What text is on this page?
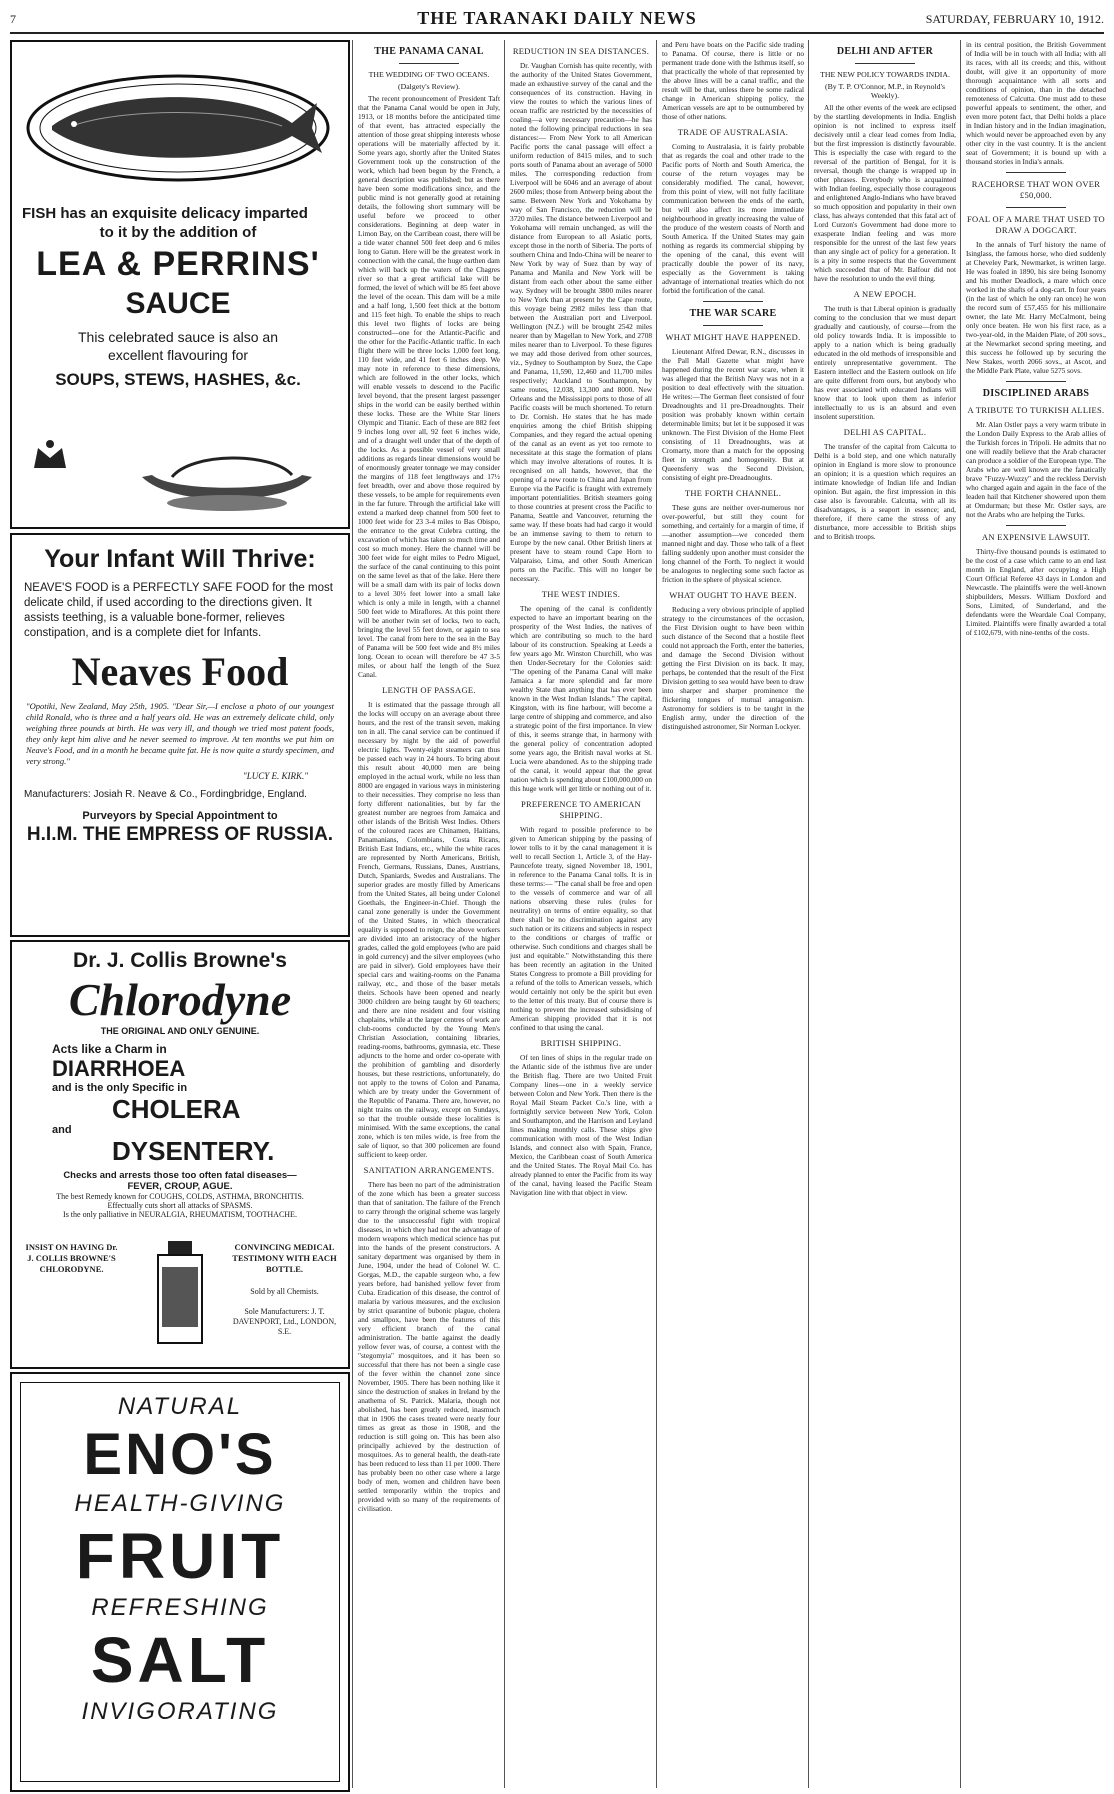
7	THE TARANAKI DAILY NEWS	SATURDAY, FEBRUARY 10, 1912.
FISH has an exquisite delicacy imparted
to it by the addition of
LEA & PERRINS'
SAUCE
This celebrated sauce is also an
excellent flavouring for
SOUPS, STEWS, HASHES, &c.
Your Infant Will Thrive:
NEAVE'S FOOD is a PERFECTLY SAFE FOOD for the most delicate child, if used according to the directions given. It assists teething, is a valuable bone-former, relieves constipation, and is a complete diet for Infants.
Neaves Food
"Opotiki, New Zealand, May 25th, 1905. "Dear Sir,—I enclose a photo of our youngest child Ronald, who is three and a half years old. He was an extremely delicate child, only weighing three pounds at birth. He was very ill, and though we tried most patent foods, they only kept him alive and he never seemed to improve. At ten months we put him on Neave's Food, and in a month he became quite fat. He is now quite a sturdy specimen, and very strong."
"LUCY E. KIRK."
Manufacturers: Josiah R. Neave & Co., Fordingbridge, England.
Purveyors by Special Appointment to
H.I.M. THE EMPRESS OF RUSSIA.
Dr. J. Collis Browne's
Chlorodyne
THE ORIGINAL AND ONLY GENUINE.
Acts like a Charm in
DIARRHOEA
and is the only Specific in
CHOLERA
and
DYSENTERY.
Checks and arrests those too often fatal diseases—
FEVER, CROUP, AGUE.
The best Remedy known for COUGHS, COLDS, ASTHMA, BRONCHITIS.
Effectually cuts short all attacks of SPASMS.
Is the only palliative in NEURALGIA, RHEUMATISM, TOOTHACHE.
INSIST ON HAVING Dr. J. COLLIS BROWNE'S CHLORODYNE.
CONVINCING MEDICAL TESTIMONY WITH EACH BOTTLE.
Sold by all Chemists.
Sole Manufacturers: J. T. DAVENPORT, Ltd., LONDON, S.E.
NATURAL
ENO'S
HEALTH-GIVING
FRUIT
REFRESHING
SALT
INVIGORATING
THE PANAMA CANAL
THE WEDDING OF TWO OCEANS.
(Dalgety's Review).

The recent pronouncement of President Taft that the Panama Canal would be open in July, 1913, or 18 months before the anticipated time of that event, has attracted especially the attention of those great shipping interests whose operations will be materially affected by it. Some years ago, shortly after the United States Government took up the construction of the work, which had been begun by the French, a general description was published; but as there have been some modifications since, and the public mind is not generally good at retaining details, the following short summary will be useful before we proceed to other considerations. Beginning at deep water in Limon Bay, on the Carribean coast, there will be a tide water channel 500 feet deep and 6 miles long to Gatun. Here will be the greatest work in connection with the canal, the huge earthen dam which will back up the waters of the Chagres river so that a great artificial lake will be formed, the level of which will be 85 feet above the level of the ocean. This dam will be a mile and a half long, 1,500 feet thick at the bottom and 115 feet high. To enable the ships to reach this level two flights of locks are being constructed—one for the Atlantic-Pacific and the other for the Pacific-Atlantic traffic. In each flight there will be three locks 1,000 feet long, 110 feet wide, and 41 feet 6 inches deep. We may note in reference to these dimensions, which are followed in the other locks, which will enable vessels to descend to the Pacific level beyond, that the present largest passenger ships in the world can be easily berthed within these locks. These are the White Star liners Olympic and Titanic. Each of these are 882 feet 9 inches long over all, 92 feet 6 inches wide, and of a draught well under that of the depth of the locks. As a possible vessel of very small additions as regards linear dimensions would be of enormously greater tonnage we may consider the margins of 118 feet lengthways and 17½ feet breadth, over and above those required by these vessels, to be ample for requirements even in the far future. Through the artificial lake will extend a marked deep channel from 500 feet to 1000 feet wide for 23 3-4 miles to Bas Obispo, the entrance to the great Culebra cutting, the excavation of which has taken so much time and cost so much money. Here the channel will be 300 feet wide for eight miles to Pedro Miguel, the surface of the canal continuing to this point on the same level as that of the lake. Here there will be a small dam with its pair of locks down to a level 30½ feet lower into a small lake which is only a mile in length, with a channel 500 feet wide to Miraflores. At this point there will be another twin set of locks, two to each, bringing the level 55 feet down, or again to sea level. The canal from here to the sea in the Bay of Panama will be 500 feet wide and 8½ miles long. Ocean to ocean will therefore be 47 3-5 miles, or about half the length of the Suez Canal.

LENGTH OF PASSAGE.

It is estimated that the passage through all the locks will occupy on an average about three hours, and the rest of the transit seven, making ten in all. The canal service can be continued if necessary by night by the aid of powerful electric lights. Twenty-eight steamers can thus be passed each way in 24 hours. To bring about this result about 40,000 men are being employed in the actual work, while no less than 8000 are engaged in various ways in ministering to their necessities. They comprise no less than forty different nationalities, but by far the greatest number are negroes from Jamaica and other islands of the British West Indies. Others of the coloured races are Chinamen, Haitians, Panamanians, Colombians, Costa Ricans, British East Indians, etc., while the white races are represented by North Americans, British, French, Germans, Russians, Danes, Austrians, Dutch, Spaniards, Swedes and Australians. The superior grades are mostly filled by Americans from the United States, all being under Colonel Goethals, the Engineer-in-Chief. Though the canal zone generally is under the Government of the United States, in which theocratical equality is supposed to reign, the above workers are divided into an aristocracy of the higher grades, called the gold employees (who are paid in gold currency) and the silver employees (who are paid in silver). Gold employees have their special cars and waiting-rooms on the Panama railway, etc., and those of the baser metals theirs. Schools have been opened and nearly 3000 children are being taught by 60 teachers; and there are nine resident and four visiting chaplains, while at the larger centres of work are club-rooms conducted by the Young Men's Christian Association, containing libraries, reading-rooms, bathrooms, gymnasia, etc. These adjuncts to the home and order co-operate with the prohibition of gambling and disorderly houses, but these restrictions, unfortunately, do not apply to the towns of Colon and Panama, which are by treaty under the Government of the Republic of Panama. There are, however, no night trains on the railway, except on Sundays, so that the trouble outside these localities is minimised. With the same exceptions, the canal zone, which is ten miles wide, is free from the sale of liquor, so that 300 policemen are found sufficient to keep order.

SANITATION ARRANGEMENTS.

There has been no part of the administration of the zone which has been a greater success than that of sanitation. The failure of the French to carry through the original scheme was largely due to the unsuccessful fight with tropical diseases, in which they had not the advantage of modern weapons which medical science has put into the hands of the present constructors. A sanitary department was organised by them in June, 1904, under the head of Colonel W. C. Gorgas, M.D., the capable surgeon who, a few years before, had banished yellow fever from Cuba. Eradication of this disease, the control of malaria by various measures, and the exclusion by strict quarantine of bubonic plague, cholera and smallpox, have been the features of this very efficient branch of the canal administration. The battle against the deadly yellow fever was, of course, a contest with the "stegomyia" mosquitoes, and it has been so successful that there has not been a single case of the fever within the channel zone since November, 1905. There has been nothing like it since the destruction of snakes in Ireland by the anathema of St. Patrick. Malaria, though not abolished, has been greatly reduced, inasmuch that in 1906 the cases treated were nearly four times as great as those in 1908, and the reduction is still going on. This has been also principally achieved by the destruction of mosquitoes. As to general health, the death-rate has been reduced to less than 11 per 1000. There has probably been no other case where a large body of men, women and children have been settled temporarily within the tropics and provided with so many of the requirements of civilisation.

REDUCTION IN SEA DISTANCES.

Dr. Vaughan Cornish has quite recently, with the authority of the United States Government, made an exhaustive survey of the canal and the consequences of its construction. Having in view the routes to which the various lines of ocean traffic are restricted by the necessities of coaling—a very necessary precaution—he has noted the following principal reductions in sea distances:— From New York to all American Pacific ports the canal passage will effect a uniform reduction of 8415 miles, and to such ports south of Panama about an average of 5000 miles. The corresponding reduction from Liverpool will be 6046 and an average of about 2600 miles; those from Antwerp being about the same. Between New York and Yokohama by way of San Francisco, the reduction will be 3720 miles. The distance between Liverpool and Yokohama will remain unchanged, as will the distance from European to all Asiatic ports, except those in the north of Siberia. The ports of southern China and Indo-China will be nearer to New York by way of Suez than by way of Panama and Manila and New York will be distant from each other about the same either way. Sydney will be brought 3800 miles nearer to New York than at present by the Cape route, this voyage being 2982 miles less than that between the Australian port and Liverpool. Wellington (N.Z.) will be brought 2542 miles nearer than by Magellan to New York, and 2708 miles nearer than to Liverpool. To these figures we may add those derived from other sources, viz., Sydney to Southampton by Suez, the Cape and Panama, 11,590, 12,460 and 11,700 miles respectively; Auckland to Southampton, by same routes, 12,038, 13,300 and 8000. New Orleans and the Mississippi ports to those of all Pacific coasts will be much shortened. To return to Dr. Cornish. He states that he has made enquiries among the chief British shipping Companies, and they regard the actual opening of the canal as an event as yet too remote to necessitate at this stage the formation of plans which may involve alterations of routes. It is recognised on all hands, however, that the opening of a new route to China and Japan from Europe via the Pacific is fraught with extremely important potentialities. British steamers going to those countries at present cross the Pacific to Panama, Seattle and Vancouver, returning the same way. If these boats had had cargo it would be an immense saving to them to return to Europe by the new canal. Other British liners at present have to steam round Cape Horn to Valparaiso, Lima, and other South American ports on the Pacific. This will no longer be necessary.

THE WEST INDIES.

The opening of the canal is confidently expected to have an important bearing on the prosperity of the West Indies, the natives of which are contributing so much to the hard labour of its construction. Speaking at Leeds a few years ago Mr. Winston Churchill, who was then Under-Secretary for the Colonies said: "The opening of the Panama Canal will make Jamaica a far more splendid and far more wealthy State than anything that has ever been known in the West Indian Islands." The capital, Kingston, with its fine harbour, will become a large centre of shipping and commerce, and also a strategic point of the first importance. In view of this, it seems strange that, in harmony with the general policy of concentration adopted some years ago, the British naval works at St. Lucia were abandoned. As to the shipping trade of the canal, it would appear that the great nation which is spending about £100,000,000 on this huge work will get little or nothing out of it.

PREFERENCE TO AMERICAN SHIPPING.

With regard to possible preference to be given to American shipping by the passing of lower tolls to it by the canal management it is well to recall Section 1, Article 3, of the Hay-Pauncefote treaty, signed November 18, 1901, in reference to the Panama Canal tolls. It is in these terms:— "The canal shall be free and open to the vessels of commerce and war of all nations observing these rules (rules for neutrality) on terms of entire equality, so that there shall be no discrimination against any such nation or its citizens and subjects in respect to the conditions or charges of traffic or otherwise. Such conditions and charges shall be just and equitable." Notwithstanding this there has been recently an agitation in the United States Congress to promote a Bill providing for a refund of the tolls to American vessels, which would certainly not only be the spirit but even to the letter of this treaty. But of course there is nothing to prevent the increased subsidising of American shipping provided that it is not confined to that using the canal.

BRITISH SHIPPING.

Of ten lines of ships in the regular trade on the Atlantic side of the isthmus five are under the British flag. There are two United Fruit Company lines—one in a weekly service between Colon and New York. Then there is the Royal Mail Steam Packet Co.'s line, with a fortnightly service between New York, Colon and Southampton, and the Harrison and Leyland lines making monthly calls. These ships give communication with most of the West Indian Islands, and connect also with Spain, France, Mexico, the Caribbean coast of South America and the United States. The Royal Mail Co. has already planned to enter the Pacific from its way of the canal, having leased the Pacific Steam Navigation line with that object in view.

and Peru have boats on the Pacific side trading to Panama. Of course, there is little or no permanent trade done with the Isthmus itself, so that practically the whole of that represented by the above lines will be a canal traffic, and the result will be that, unless there be some radical change in American shipping policy, the American vessels are apt to be outnumbered by those of other nations.

TRADE OF AUSTRALASIA.

Coming to Australasia, it is fairly probable that as regards the coal and other trade to the Pacific ports of North and South America, the course of the return voyages may be considerably modified. The canal, however, from this point of view, will not fully facilitate communication between the ends of the earth, but will also affect its more immediate neighbourhood in greatly increasing the value of the produce of the western coasts of North and South America. If the United States may gain nothing as regards its commercial shipping by the opening of the canal, this event will practically double the power of its navy, especially as the Government is taking advantage of international treaties which do not forbid the fortification of the canal.

THE WAR SCARE
WHAT MIGHT HAVE HAPPENED.

Lieutenant Alfred Dewar, R.N., discusses in the Pall Mall Gazette what might have happened during the recent war scare, when it was alleged that the British Navy was not in a position to deal effectively with the situation. He writes:—The German fleet consisted of four Dreadnoughts and 11 pre-Dreadnoughts. Their position was probably known within certain determinable limits; but let it be supposed it was unknown. The First Division of the Home Fleet consisting of 11 Dreadnoughts, was at Cromarty, more than a match for the opposing fleet in strength and homogeneity. But at Queensferry was the Second Division, consisting of eight pre-Dreadnoughts.

THE FORTH CHANNEL.

These guns are neither over-numerous nor over-powerful, but still they count for something, and certainly for a margin of time, if—another assumption—we conceded them manned night and day. Those who talk of a fleet falling suddenly upon another must consider the long channel of the Forth. To neglect it would be analogous to neglecting some such factor as friction in the sphere of physical science.

WHAT OUGHT TO HAVE BEEN.

Reducing a very obvious principle of applied strategy to the circumstances of the occasion, the First Division ought to have been within such distance of the Second that a hostile fleet could not approach the Forth, enter the batteries, and damage the Second Division without getting the First Division on its back. It may, perhaps, be contended that the result of the First Division getting to sea would have been to draw into sharper and sharper prominence the flickering tongues of mutual antagonism. Astronomy for soldiers is to be taught in the English army, under the direction of the distinguished astronomer, Sir Norman Lockyer.

DELHI AND AFTER
THE NEW POLICY TOWARDS INDIA.
(By T. P. O'Connor, M.P., in Reynold's Weekly).

All the other events of the week are eclipsed by the startling developments in India. English opinion is not inclined to express itself decisively until a clear lead comes from India, but the first impression is distinctly favourable. This is especially the case with regard to the reversal of the partition of Bengal, for it is reversal, though the change is wrapped up in other phrases. Everybody who is acquainted with Indian feeling, especially those courageous and enlightened Anglo-Indians who have braved so much opposition and popularity in their own class, has always contended that this fatal act of Lord Curzon's Government had done more to exasperate Indian feeling and was more responsible for the unrest of the last few years than any single act of policy for a generation. It is a pity in some respects that the Government which succeeded that of Mr. Balfour did not have the resolution to undo the evil thing.

A NEW EPOCH.

The truth is that Liberal opinion is gradually coming to the conclusion that we must depart gradually and cautiously, of course—from the old policy towards India. It is impossible to apply to a nation which is being gradually educated in the old methods of irresponsible and entirely unrepresentative government. The Eastern intellect and the Eastern outlook on life are quite different from ours, but anybody who has ever associated with educated Indians will know that to look upon them as inferior intellectually to us is an absurd and even insolent superstition.

DELHI AS CAPITAL.

The transfer of the capital from Calcutta to Delhi is a bold step, and one which naturally opinion in England is more slow to pronounce an opinion; it is a question which requires an intimate knowledge of Indian life and Indian opinion. But again, the first impression in this case also is favourable. Calcutta, with all its disadvantages, is a seaport in essence; and, therefore, if there came the stress of any disturbance, more accessible to British ships and to British troops.

in its central position, the British Government of India will be in touch with all India; with all its races, with all its creeds; and this, without doubt, will give it an opportunity of more thorough acquaintance with all sorts and conditions of opinion, than in the detached remoteness of Calcutta. One must add to these powerful appeals to sentiment, the other, and even more potent fact, that Delhi holds a place in Indian history and in the Indian imagination, which would never be approached even by any other city in the vast country. It is the ancient seat of Government; it is bound up with a thousand stories in India's annals.

RACEHORSE THAT WON OVER £50,000.
FOAL OF A MARE THAT USED TO DRAW A DOGCART.

In the annals of Turf history the name of Isinglass, the famous horse, who died suddenly at Cheveley Park, Newmarket, is written large. He was foaled in 1890, his sire being Isonomy and his mother Deadlock, a mare which once worked in the shafts of a dog-cart. In four years (in the last of which he only ran once) he won the record sum of £57,455 for his millionaire owner, the late Mr. Harry McCalmont, being only once beaten. He won his first race, as a two-year-old, in the Maiden Plate, of 200 sovs., at the Newmarket second spring meeting, and this success he followed up by securing the New Stakes, worth 2066 sovs., at Ascot, and the Middle Park Plate, value 5275 sovs.

DISCIPLINED ARABS
A TRIBUTE TO TURKISH ALLIES.

Mr. Alan Ostler pays a very warm tribute in the London Daily Express to the Arab allies of the Turkish forces in Tripoli. He admits that no one will readily believe that the Arab character can produce a soldier of the European type. The Arabs who are well known are the fanatically brave "Fuzzy-Wuzzy" and the reckless Dervish who charged again and again in the face of the leaden hail that Kitchener showered upon them at Omdurman; but these Mr. Ostler says, are not the Arabs who are helping the Turks.

AN EXPENSIVE LAWSUIT.

Thirty-five thousand pounds is estimated to be the cost of a case which came to an end last month in England, after occupying a High Court Official Referee 43 days in London and Newcastle. The plaintiffs were the well-known shipbuilders, Messrs. William Doxford and Sons, Limited, of Sunderland, and the defendants were the Weardale Coal Company, Limited. Plaintiffs were finally awarded a total of £102,679, with nine-tenths of the costs.
